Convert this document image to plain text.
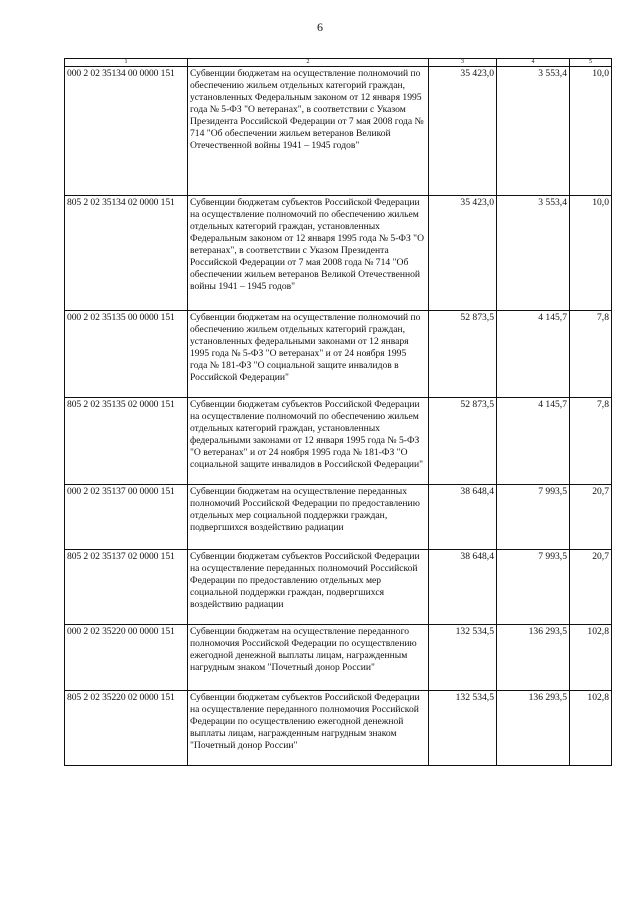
6
1	2	3	4	5
000 2 02 35134 00 0000 151	Субвенции бюджетам на осуществление полномочий по обеспечению жильем отдельных категорий граждан, установленных Федеральным законом от 12 января 1995 года № 5-ФЗ "О ветеранах", в соответствии с Указом Президента Российской Федерации от 7 мая 2008 года № 714 "Об обеспечении жильем ветеранов Великой Отечественной войны 1941 – 1945 годов"	35 423,0	3 553,4	10,0
805 2 02 35134 02 0000 151	Субвенции бюджетам субъектов Российской Федерации на осуществление полномочий по обеспечению жильем отдельных категорий граждан, установленных Федеральным законом от 12 января 1995 года № 5-ФЗ "О ветеранах", в соответствии с Указом Президента Российской Федерации от 7 мая 2008 года № 714 "Об обеспечении жильем ветеранов Великой Отечественной войны 1941 – 1945 годов"	35 423,0	3 553,4	10,0
000 2 02 35135 00 0000 151	Субвенции бюджетам на осуществление полномочий по обеспечению жильем отдельных категорий граждан, установленных федеральными законами от 12 января 1995 года № 5-ФЗ "О ветеранах" и от 24 ноября 1995 года № 181-ФЗ "О социальной защите инвалидов в Российской Федерации"	52 873,5	4 145,7	7,8
805 2 02 35135 02 0000 151	Субвенции бюджетам субъектов Российской Федерации на осуществление полномочий по обеспечению жильем отдельных категорий граждан, установленных федеральными законами от 12 января 1995 года № 5-ФЗ "О ветеранах" и от 24 ноября 1995 года № 181-ФЗ "О социальной защите инвалидов в Российской Федерации"	52 873,5	4 145,7	7,8
000 2 02 35137 00 0000 151	Субвенции бюджетам на осуществление переданных полномочий Российской Федерации по предоставлению отдельных мер социальной поддержки граждан, подвергшихся воздействию радиации	38 648,4	7 993,5	20,7
805 2 02 35137 02 0000 151	Субвенции бюджетам субъектов Российской Федерации на осуществление переданных полномочий Российской Федерации по предоставлению отдельных мер социальной поддержки граждан, подвергшихся воздействию радиации	38 648,4	7 993,5	20,7
000 2 02 35220 00 0000 151	Субвенции бюджетам на осуществление переданного полномочия Российской Федерации по осуществлению ежегодной денежной выплаты лицам, награжденным нагрудным знаком "Почетный донор России"	132 534,5	136 293,5	102,8
805 2 02 35220 02 0000 151	Субвенции бюджетам субъектов Российской Федерации на осуществление переданного полномочия Российской Федерации по осуществлению ежегодной денежной выплаты лицам, награжденным нагрудным знаком "Почетный донор России"	132 534,5	136 293,5	102,8
